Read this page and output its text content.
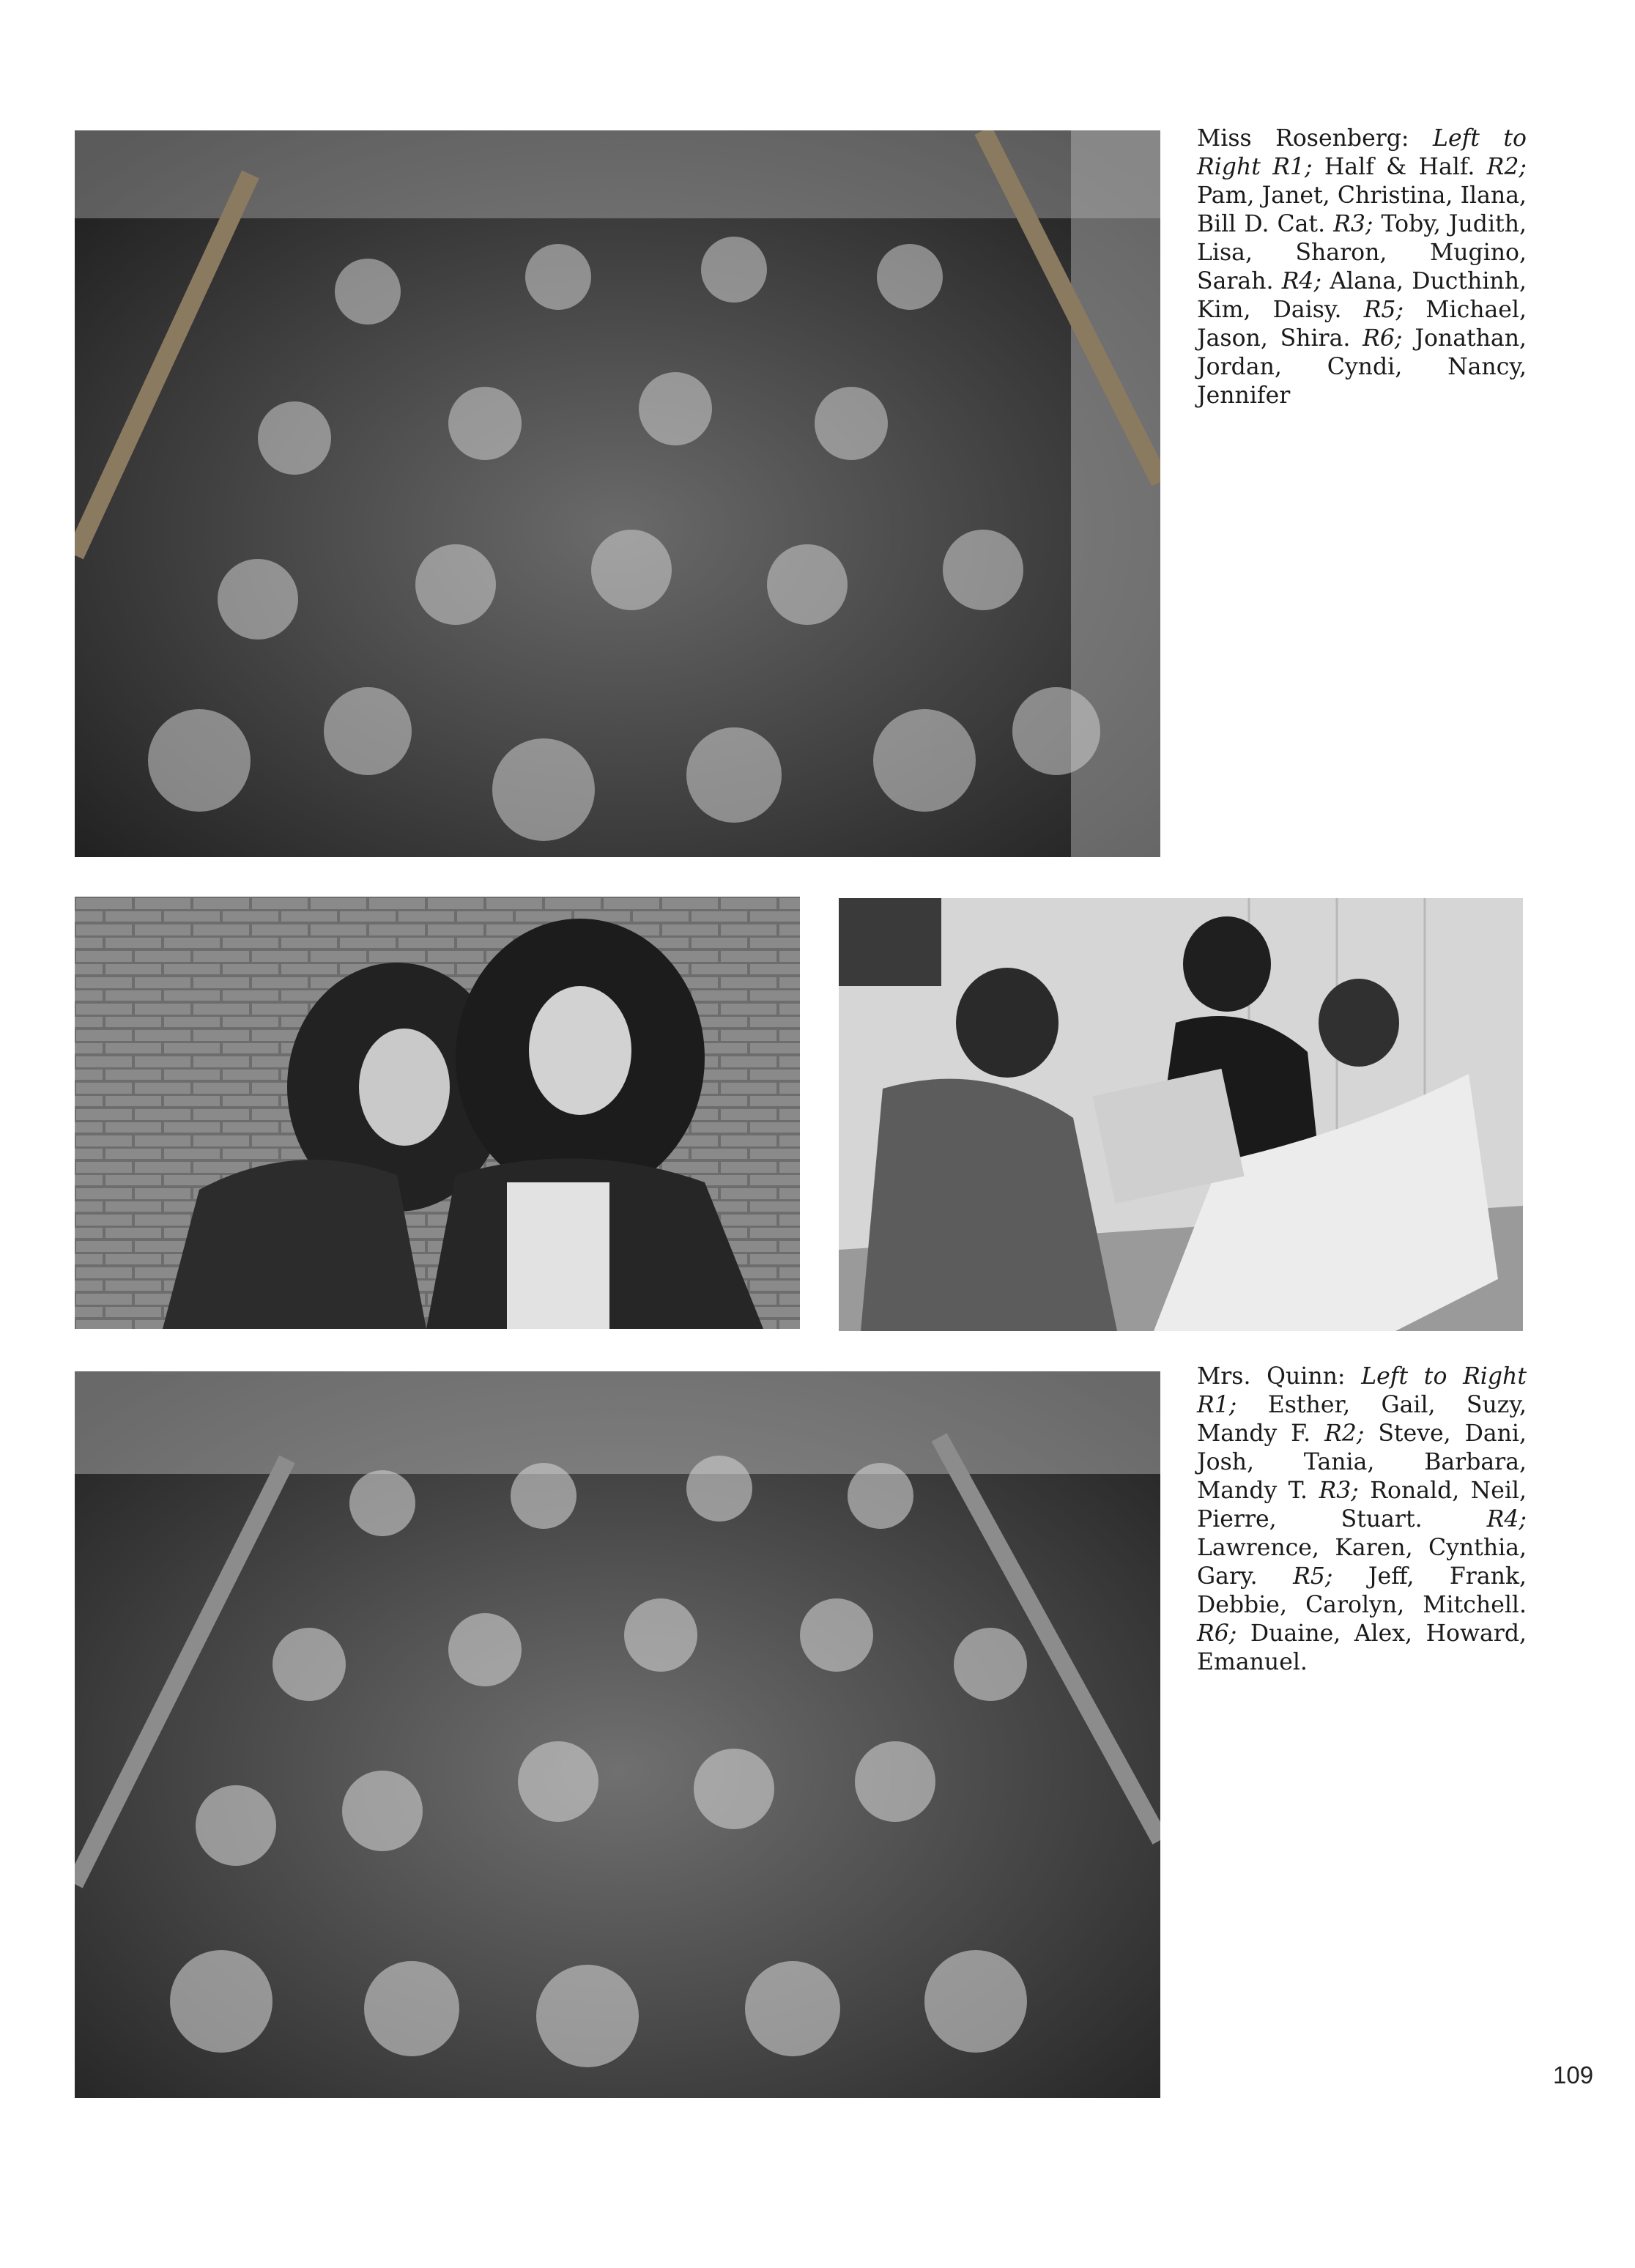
Miss Rosenberg: Left to Right R1; Half & Half. R2; Pam, Janet, Christina, Ilana, Bill D. Cat. R3; Toby, Judith, Lisa, Sharon, Mugino, Sarah. R4; Alana, Ducthinh, Kim, Daisy. R5; Michael, Jason, Shira. R6; Jonathan, Jordan, Cyndi, Nancy, Jennifer
Mrs. Quinn: Left to Right R1; Esther, Gail, Suzy, Mandy F. R2; Steve, Dani, Josh, Tania, Barbara, Mandy T. R3; Ronald, Neil, Pierre, Stuart.	R4; Lawrence, Karen, Cynthia, Gary. R5; Jeff, Frank, Debbie, Carolyn, Mitchell. R6; Duaine, Alex, Howard, Emanuel.
109
